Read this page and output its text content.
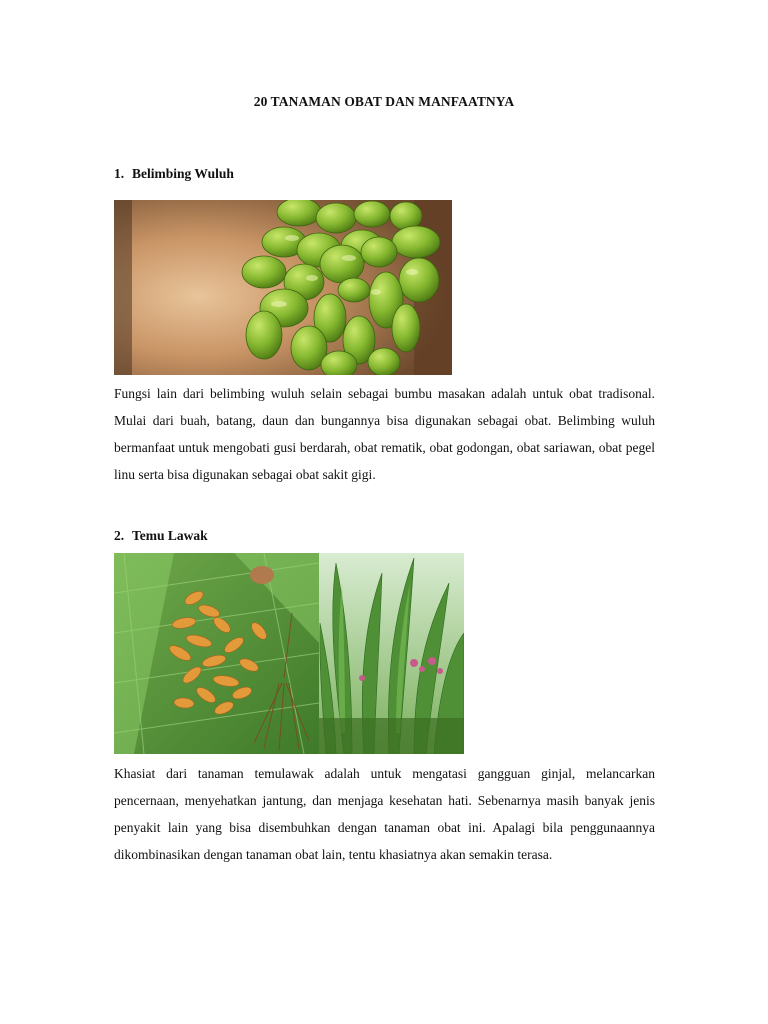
20 TANAMAN OBAT DAN MANFAATNYA
1. Belimbing Wuluh
Fungsi lain dari belimbing wuluh selain sebagai bumbu masakan adalah untuk obat tradisonal. Mulai dari buah, batang, daun dan bungannya bisa digunakan sebagai obat. Belimbing wuluh bermanfaat untuk mengobati gusi berdarah, obat rematik, obat godongan, obat sariawan, obat pegel linu serta bisa digunakan sebagai obat sakit gigi.
2. Temu Lawak
Khasiat dari tanaman temulawak adalah untuk mengatasi gangguan ginjal, melancarkan pencernaan, menyehatkan jantung, dan menjaga kesehatan hati. Sebenarnya masih banyak jenis penyakit lain yang bisa disembuhkan dengan tanaman obat ini. Apalagi bila penggunaannya dikombinasikan dengan tanaman obat lain, tentu khasiatnya akan semakin terasa.
